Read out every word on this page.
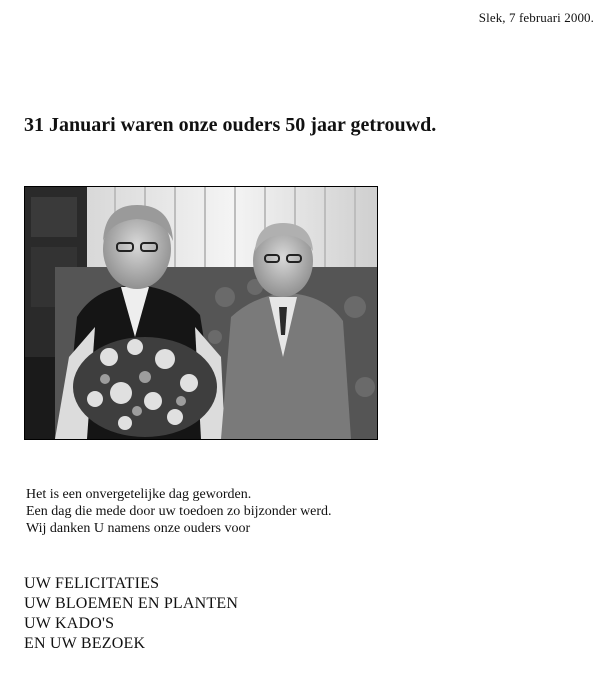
Slek, 7 februari 2000.
31 Januari waren onze ouders 50 jaar getrouwd.
Het is een onvergetelijke dag geworden.
Een dag die mede door uw toedoen zo bijzonder werd.
Wij danken U namens onze ouders voor
UW FELICITATIES
UW BLOEMEN EN PLANTEN
UW KADO'S
EN UW BEZOEK
